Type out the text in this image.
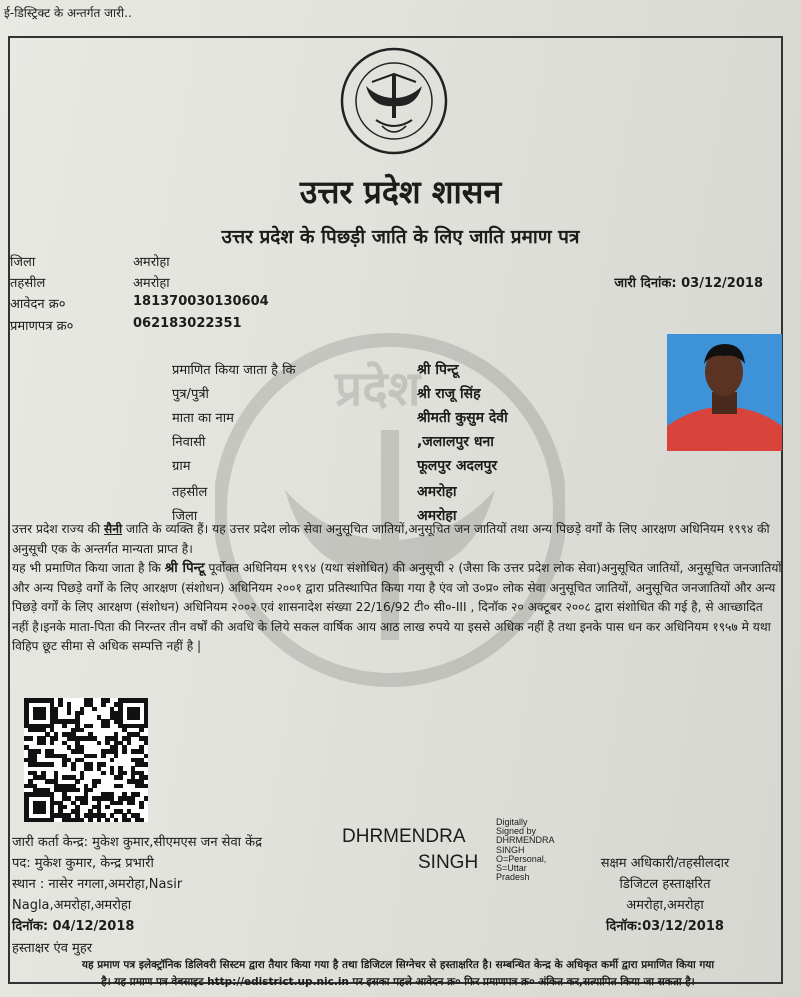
ई-डिस्ट्रिक्ट के अन्तर्गत जारी..
प्रदेश
उत्तर प्रदेश शासन
उत्तर प्रदेश के पिछड़ी जाति के लिए जाति प्रमाण पत्र
जिला	अमरोहा
तहसील	अमरोहा
आवेदन क्र०	18137003013060​4
प्रमाणपत्र क्र०	062183022351
जारी दिनांक: 03/12/2018
प्रमाणित किया जाता है कि	श्री पिन्टू
पुत्र/पुत्री	श्री राजू सिंह
माता का नाम	श्रीमती कुसुम देवी
निवासी	,जलालपुर धना
ग्राम	फूलपुर अदलपुर
तहसील	अमरोहा
जिला	अमरोहा

उत्तर प्रदेश राज्य की सैनी जाति के व्यक्ति हैं। यह उत्तर प्रदेश लोक सेवा अनुसूचित जातियों,अनुसूचित जन जातियों तथा अन्य पिछड़े वर्गों के लिए आरक्षण अधिनियम १९९४ की अनुसूची एक के अन्तर्गत मान्यता प्राप्त है।

यह भी प्रमाणित किया जाता है कि श्री पिन्टू पूर्वोक्त अधिनियम १९९४ (यथा संशोधित) की अनुसूची २ (जैसा कि उत्तर प्रदेश लोक सेवा)अनुसूचित जातियों, अनुसूचित जनजातियों और अन्य पिछड़े वर्गों के लिए आरक्षण (संशोधन) अधिनियम २००१ द्वारा प्रतिस्थापित किया गया है एंव जो उ०प्र० लोक सेवा अनुसूचित जातियों, अनुसूचित जनजातियों और अन्य पिछड़े वर्गों के लिए आरक्षण (संशोधन) अधिनियम २००२ एवं शासनादेश संख्या 22/16/92 टी० सी०-III , दिनॉक २० अक्टूबर २००८ द्वारा संशोधित की गई है, से आच्छादित नहीं है।इनके माता-पिता की निरन्तर तीन वर्षों की अवधि के लिये सकल वार्षिक आय आठ लाख रुपये या इससे अधिक नहीं है तथा इनके पास धन कर अधिनियम १९५७ मे यथा विहिप छूट सीमा से अधिक सम्पत्ति नहीं है |

जारी कर्ता केन्द्र: मुकेश कुमार,सीएमएस जन सेवा केंद्र
पद: मुकेश कुमार, केन्द्र प्रभारी
स्थान : नासेर नगला,अमरोहा,Nasir
Nagla,अमरोहा,अमरोहा
दिनॉक: 04/12/2018
हस्ताक्षर एंव मुहर
DHRMENDRA
SINGH
Digitally
Signed by
DHRMENDRA
SINGH
O=Personal,
S=Uttar
Pradesh
सक्षम अधिकारी/तहसीलदार
डिजिटल हस्ताक्षरित
अमरोहा,अमरोहा
दिनॉक:03/12/2018
यह प्रमाण पत्र इलेक्ट्रॉनिक डिलिवरी सिस्टम द्वारा तैयार किया गया है तथा डिजिटल सिग्नेचर से हस्ताक्षरित है। सम्बन्धित केन्द्र के अधिकृत कर्मी द्वारा प्रमाणित किया गया
है। यह प्रमाण पत्र वेबसाइट http://edistrict.up.nic.in पर इसका पहले आवेदन क्र० फिर प्रमाणपत्र क्र० अंकित कर,सत्यापित किया जा सकता है।
